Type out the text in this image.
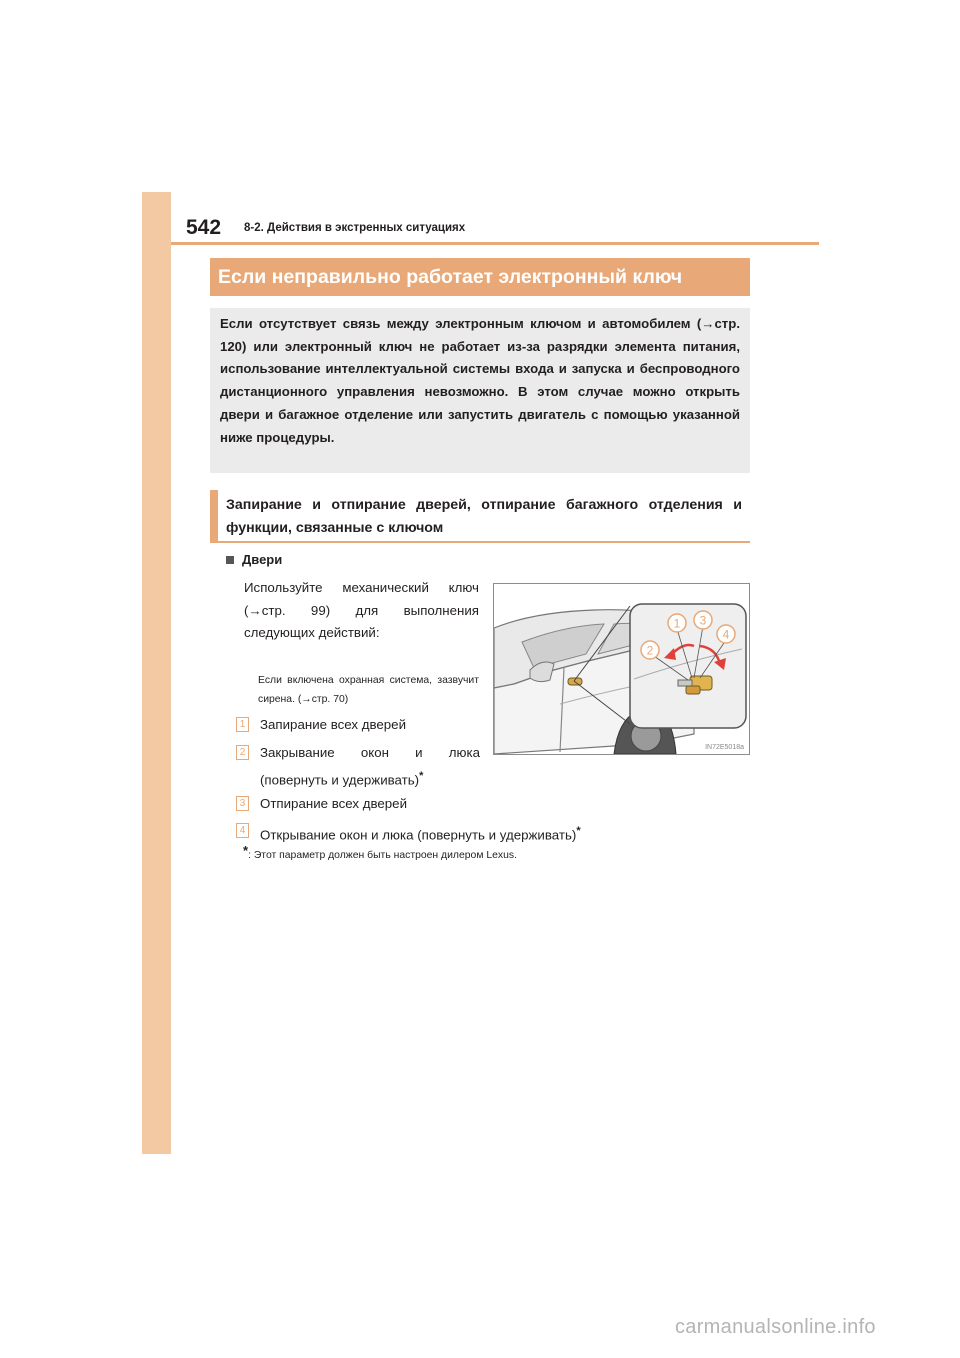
542 8-2. Действия в экстренных ситуациях
Если неправильно работает электронный ключ
Если отсутствует связь между электронным ключом и автомобилем (→стр. 120) или электронный ключ не работает из-за разрядки элемента питания, использование интеллектуальной системы входа и запуска и беспроводного дистанционного управления невозможно. В этом случае можно открыть двери и багажное отделение или запустить двигатель с помощью указанной ниже процедуры.
Запирание и отпирание дверей, отпирание багажного отделения и функции, связанные с ключом
Двери
Используйте механический ключ (→стр. 99) для выполнения следующих действий:
Если включена охранная система, зазвучит сирена. (→стр. 70)
1 Запирание всех дверей
2 Закрывание окон и люка (повернуть и удерживать)*
3 Отпирание всех дверей
4 Открывание окон и люка (повернуть и удерживать)*
*: Этот параметр должен быть настроен дилером Lexus.
1
2
3
4
IN72E5018a
carmanualsonline.info
